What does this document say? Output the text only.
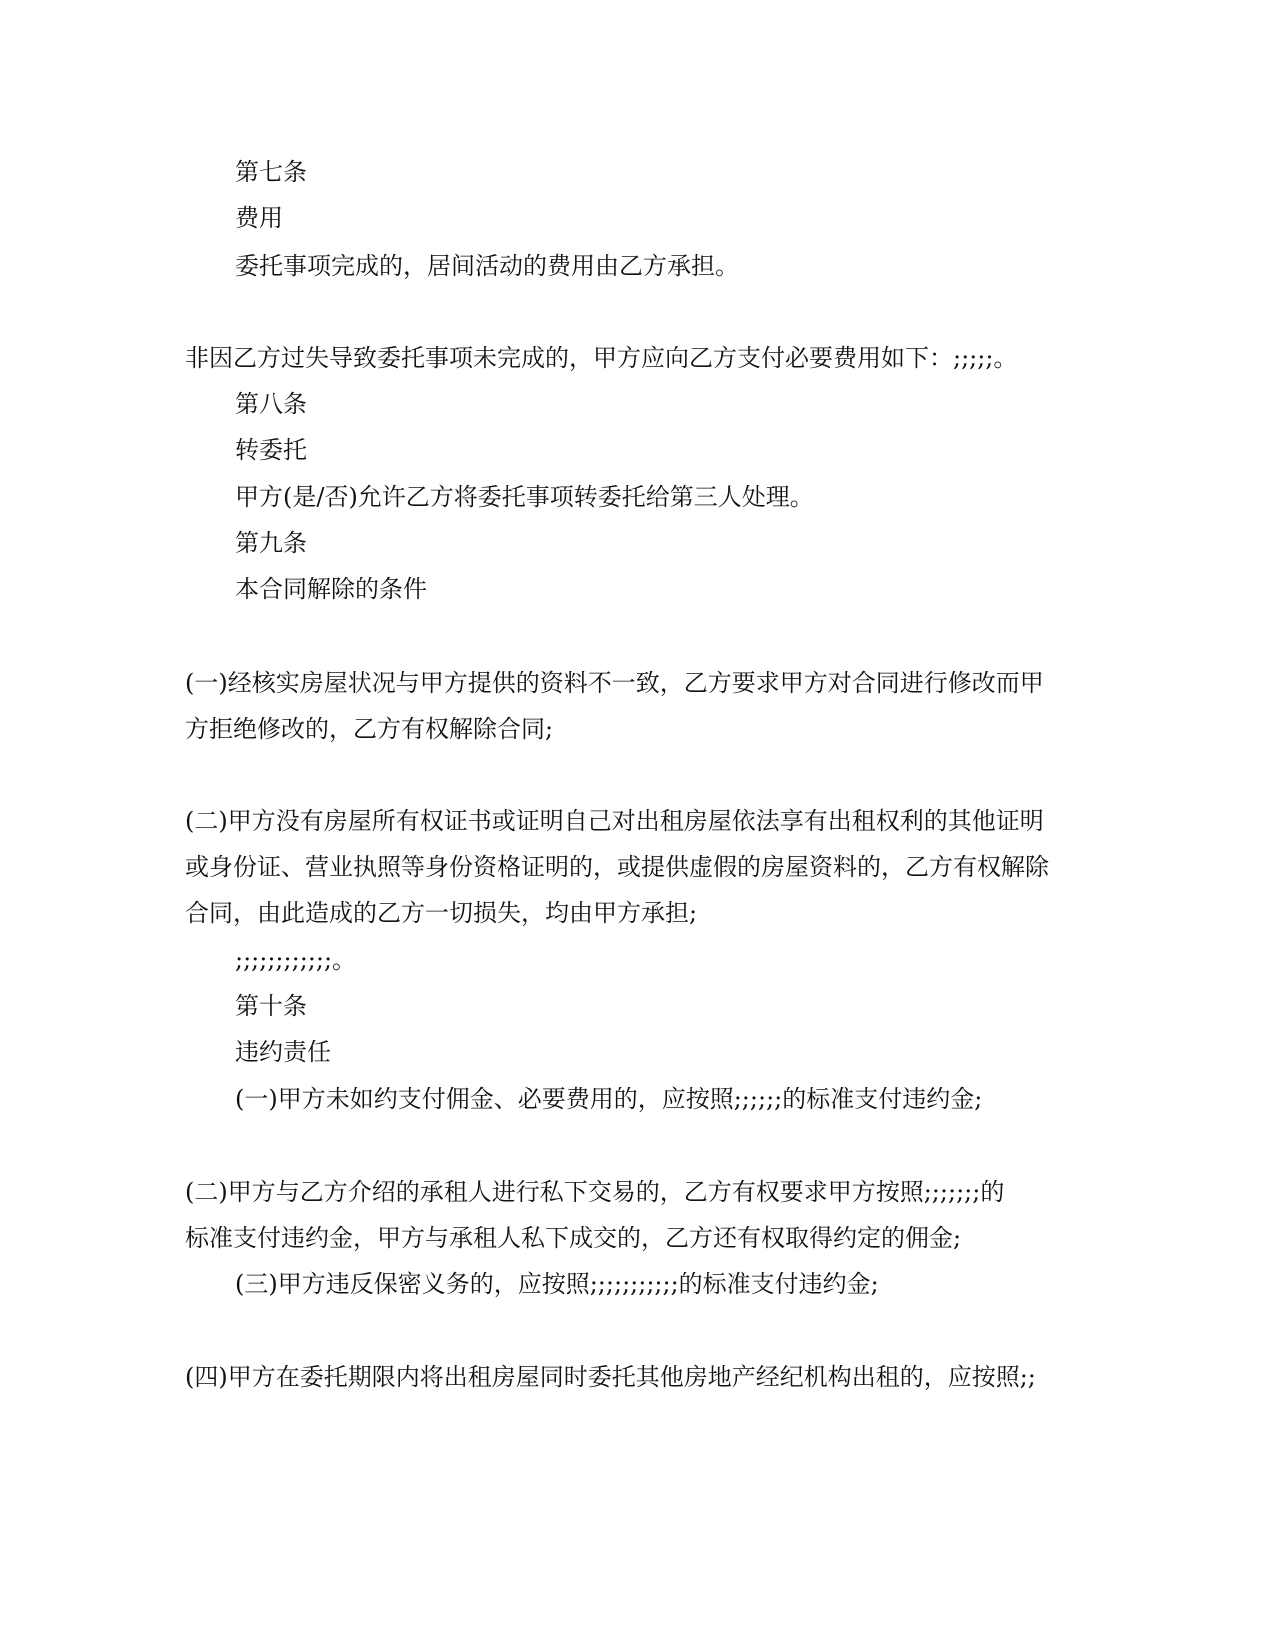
第七条
费用
委托事项完成的，居间活动的费用由乙方承担。
非因乙方过失导致委托事项未完成的，甲方应向乙方支付必要费用如下：;;;;;。
第八条
转委托
甲方(是/否)允许乙方将委托事项转委托给第三人处理。
第九条
本合同解除的条件
(一)经核实房屋状况与甲方提供的资料不一致，乙方要求甲方对合同进行修改而甲
方拒绝修改的，乙方有权解除合同;
(二)甲方没有房屋所有权证书或证明自己对出租房屋依法享有出租权利的其他证明
或身份证、营业执照等身份资格证明的，或提供虚假的房屋资料的，乙方有权解除
合同，由此造成的乙方一切损失，均由甲方承担;
;;;;;;;;;;;;。
第十条
违约责任
(一)甲方未如约支付佣金、必要费用的，应按照;;;;;;的标准支付违约金;
(二)甲方与乙方介绍的承租人进行私下交易的，乙方有权要求甲方按照;;;;;;;的
标准支付违约金，甲方与承租人私下成交的，乙方还有权取得约定的佣金;
(三)甲方违反保密义务的，应按照;;;;;;;;;;;的标准支付违约金;
(四)甲方在委托期限内将出租房屋同时委托其他房地产经纪机构出租的，应按照;;
